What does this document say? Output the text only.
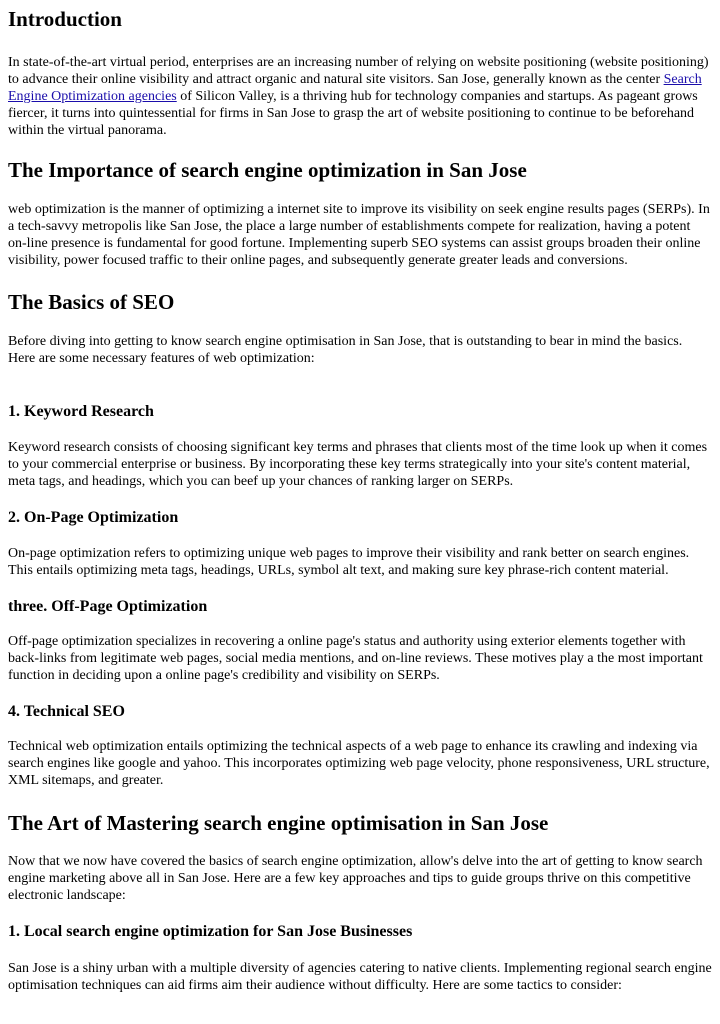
Introduction

In state-of-the-art virtual period, enterprises are an increasing number of relying on website positioning (website positioning) to advance their online visibility and attract organic and natural site visitors. San Jose, generally known as the center Search Engine Optimization agencies of Silicon Valley, is a thriving hub for technology companies and startups. As pageant grows fiercer, it turns into quintessential for firms in San Jose to grasp the art of website positioning to continue to be beforehand within the virtual panorama.

The Importance of search engine optimization in San Jose

web optimization is the manner of optimizing a internet site to improve its visibility on seek engine results pages (SERPs). In a tech-savvy metropolis like San Jose, the place a large number of establishments compete for realization, having a potent on-line presence is fundamental for good fortune. Implementing superb SEO systems can assist groups broaden their online visibility, power focused traffic to their online pages, and subsequently generate greater leads and conversions.

The Basics of SEO

Before diving into getting to know search engine optimisation in San Jose, that is outstanding to bear in mind the basics. Here are some necessary features of web optimization:

1. Keyword Research

Keyword research consists of choosing significant key terms and phrases that clients most of the time look up when it comes to your commercial enterprise or business. By incorporating these key terms strategically into your site's content material, meta tags, and headings, which you can beef up your chances of ranking larger on SERPs.

2. On-Page Optimization

On-page optimization refers to optimizing unique web pages to improve their visibility and rank better on search engines. This entails optimizing meta tags, headings, URLs, symbol alt text, and making sure key phrase-rich content material.

three. Off-Page Optimization

Off-page optimization specializes in recovering a online page's status and authority using exterior elements together with back-links from legitimate web pages, social media mentions, and on-line reviews. These motives play a the most important function in deciding upon a online page's credibility and visibility on SERPs.

4. Technical SEO

Technical web optimization entails optimizing the technical aspects of a web page to enhance its crawling and indexing via search engines like google and yahoo. This incorporates optimizing web page velocity, phone responsiveness, URL structure, XML sitemaps, and greater.

The Art of Mastering search engine optimisation in San Jose

Now that we now have covered the basics of search engine optimization, allow's delve into the art of getting to know search engine marketing above all in San Jose. Here are a few key approaches and tips to guide groups thrive on this competitive electronic landscape:

1. Local search engine optimization for San Jose Businesses

San Jose is a shiny urban with a multiple diversity of agencies catering to native clients. Implementing regional search engine optimisation techniques can aid firms aim their audience without difficulty. Here are some tactics to consider:
